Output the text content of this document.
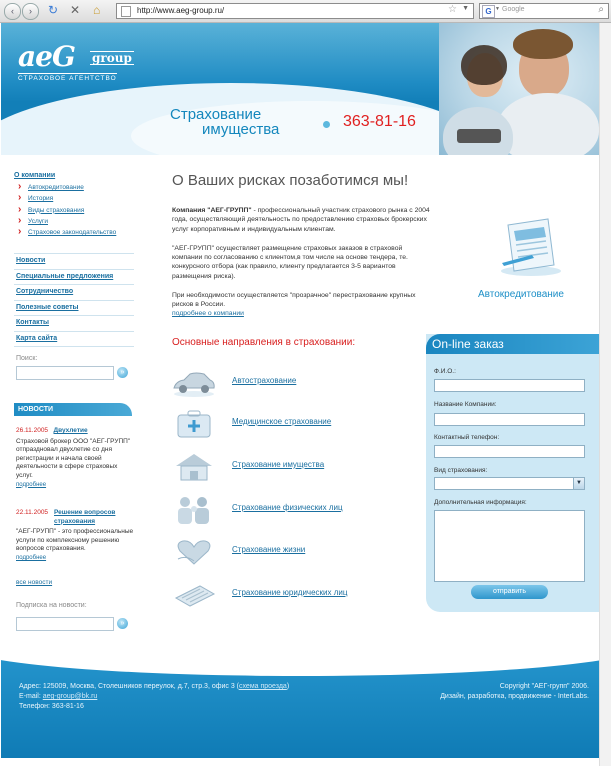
‹	›	↻ ✕ ⌂	http://www.aeg-group.ru/	☆ ▼	G ▼ Google	⌕
aeG	group
СТРАХОВОЕ АГЕНТСТВО
Страхование
имущества	363-81-16
О компании
› Автокредитование
› История
› Виды страхования
› Услуги
› Страховое законодательство
Новости
Специальные предложения
Сотрудничество
Полезные советы
Контакты
Карта сайта
Поиск:
»
НОВОСТИ
26.11.2005 Двухлетие
Страховой брокер ООО "АЕГ-ГРУПП" отпраздновал двухлетие со дня регистрации и начала своей деятельности в сфере страховых услуг.
подробнее
22.11.2005 Решение вопросов страхования
"АЕГ-ГРУПП" - это профессиональные услуги по комплексному решению вопросов страхования.
подробнее
все новости
Подписка на новости:
»
О Ваших рисках позаботимся мы!

Компания "АЕГ-ГРУПП" - профессиональный участник страхового рынка с 2004 года, осуществляющий деятельность по предоставлению страховых брокерских услуг корпоративным и индивидуальным клиентам.

"АЕГ-ГРУПП" осуществляет размещение страховых заказов в страховой компании по согласованию с клиентом,в том числе на основе тендера, те. конкурсного отбора (как правило, клиенту предлагается 3-5 вариантов размещения риска).

При необходимости осуществляется "прозрачное" перестрахование крупных рисков в России.

подробнее о компании
Автокредитование
Основные направления в страховании:
Автострахование
Медицинское страхование
Страхование имущества
Страхование физических лиц
Страхование жизни
Страхование юридических лиц
On-line заказ
Ф.И.О.:
Название Компании:
Контактный телефон:
Вид страхования:
▼
Дополнительная информация:
отправить
Адрес: 125009, Москва, Столешников переулок, д.7, стр.3, офис 3 (схема проезда)
E-mail: aeg-group@bk.ru
Телефон: 363-81-16
Copyright "АЕГ-групп" 2006.
Дизайн, разработка, продвижение - InterLabs.
